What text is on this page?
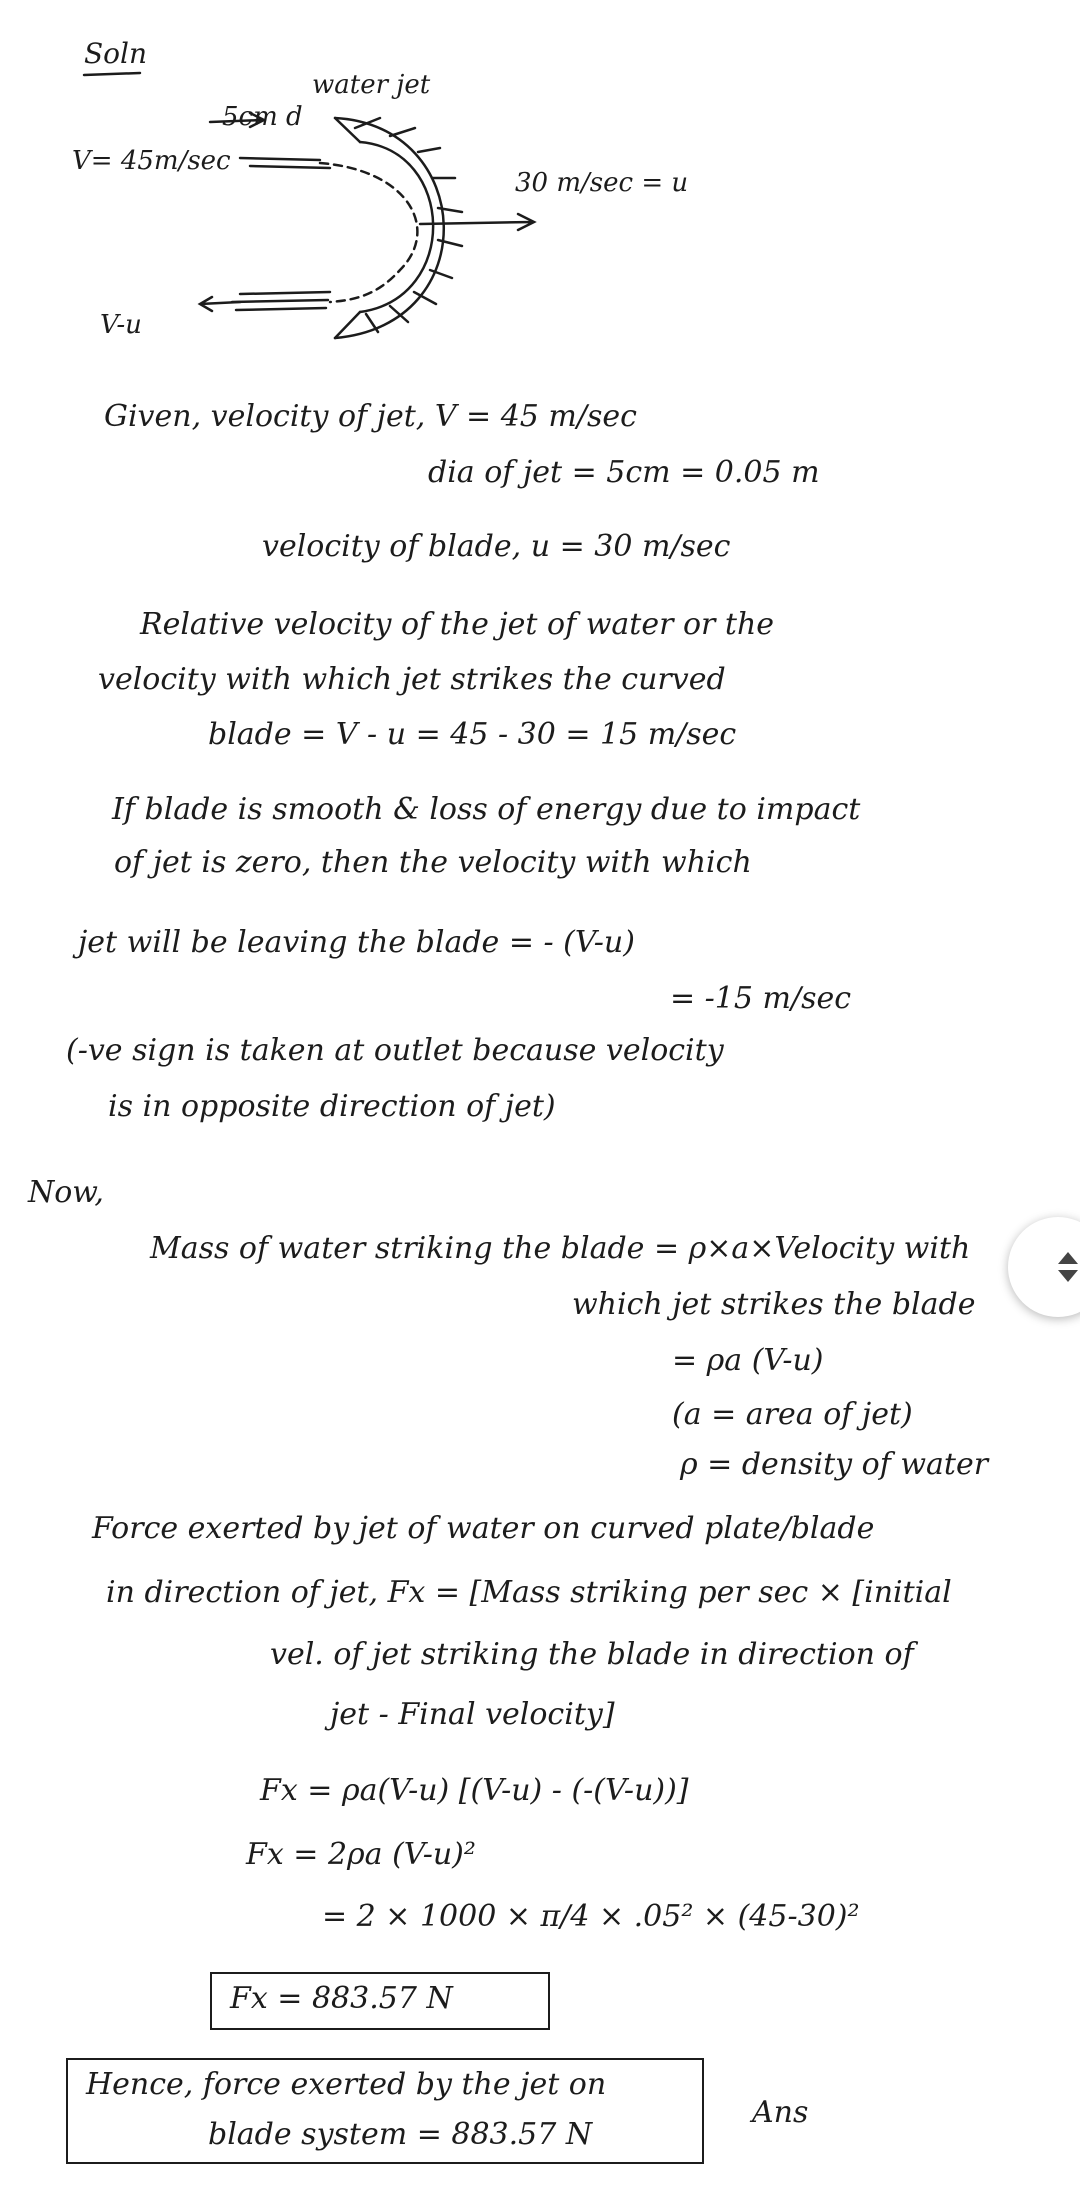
Soln
water jet
5cm d
V= 45m/sec
30 m/sec = u
V-u
Given, velocity of jet, V = 45 m/sec
dia of jet = 5cm = 0.05 m
velocity of blade, u = 30 m/sec
Relative velocity of the jet of water or the
velocity with which jet strikes the curved
blade = V - u = 45 - 30 = 15 m/sec
If blade is smooth & loss of energy due to impact
of jet is zero, then the velocity with which
jet will be leaving the blade = - (V-u)
= -15 m/sec
(-ve sign is taken at outlet because velocity
is in opposite direction of jet)
Now,
Mass of water striking the blade = ρ×a×Velocity with
which jet strikes the blade
= ρa (V-u)
(a = area of jet)
ρ = density of water
Force exerted by jet of water on curved plate/blade
in direction of jet, Fx = [Mass striking per sec × [initial
vel. of jet striking the blade in direction of
jet - Final velocity]
Fx = ρa(V-u) [(V-u) - (-(V-u))]
Fx = 2ρa (V-u)²
= 2 × 1000 × π/4 × .05² × (45-30)²
Fx = 883.57 N
Hence, force exerted by the jet on
blade system = 883.57 N
Ans
